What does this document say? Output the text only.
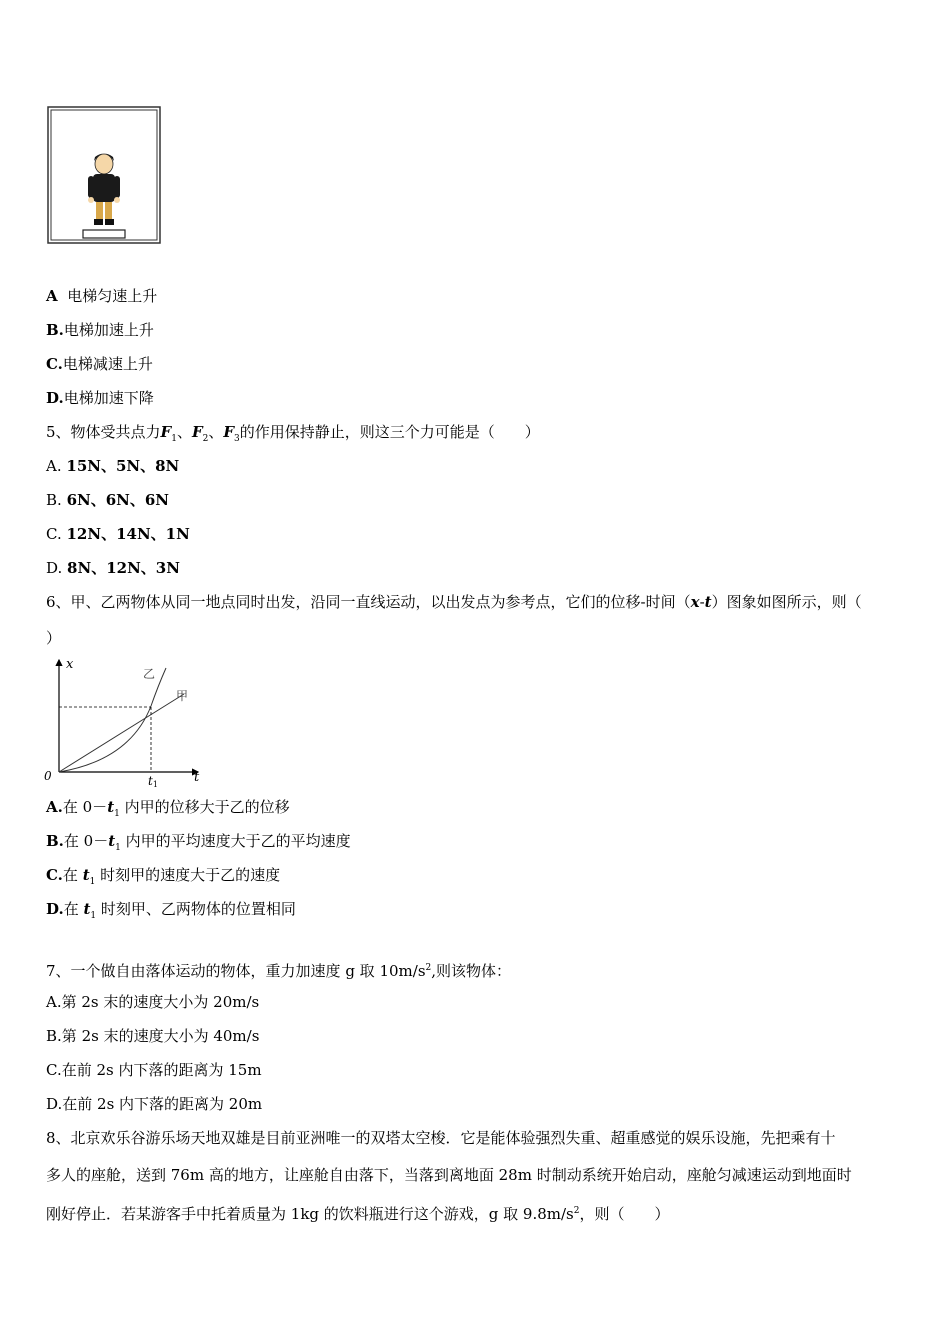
A 电梯匀速上升
B.电梯加速上升
C.电梯减速上升
D.电梯加速下降
5、物体受共点力$F_1$、$F_2$、$F_3$的作用保持静止，则这三个力可能是（　　）
A. 15N、5N、8N
B. 6N、6N、6N
C. 12N、14N、1N
D. 8N、12N、3N
6、甲、乙两物体从同一地点同时出发，沿同一直线运动，以出发点为参考点，它们的位移-时间（x-t）图象如图所示，则（
）
x
t
0
乙
甲
t1
A.在 $0-t_1$ 内甲的位移大于乙的位移
B.在 $0-t_1$ 内甲的平均速度大于乙的平均速度
C.在 $t_1$ 时刻甲的速度大于乙的速度
D.在 $t_1$ 时刻甲、乙两物体的位置相同
7、一个做自由落体运动的物体，重力加速度 g 取 $10m/s^2$,则该物体：
A.第 2s 末的速度大小为 20m/s
B.第 2s 末的速度大小为 40m/s
C.在前 2s 内下落的距离为 15m
D.在前 2s 内下落的距离为 20m
8、北京欢乐谷游乐场天地双雄是目前亚洲唯一的双塔太空梭．它是能体验强烈失重、超重感觉的娱乐设施，先把乘有十
多人的座舱，送到 76m 高的地方，让座舱自由落下，当落到离地面 28m 时制动系统开始启动，座舱匀减速运动到地面时
刚好停止．若某游客手中托着质量为 1kg 的饮料瓶进行这个游戏，g 取 $9.8m/s^2$，则（　　）
